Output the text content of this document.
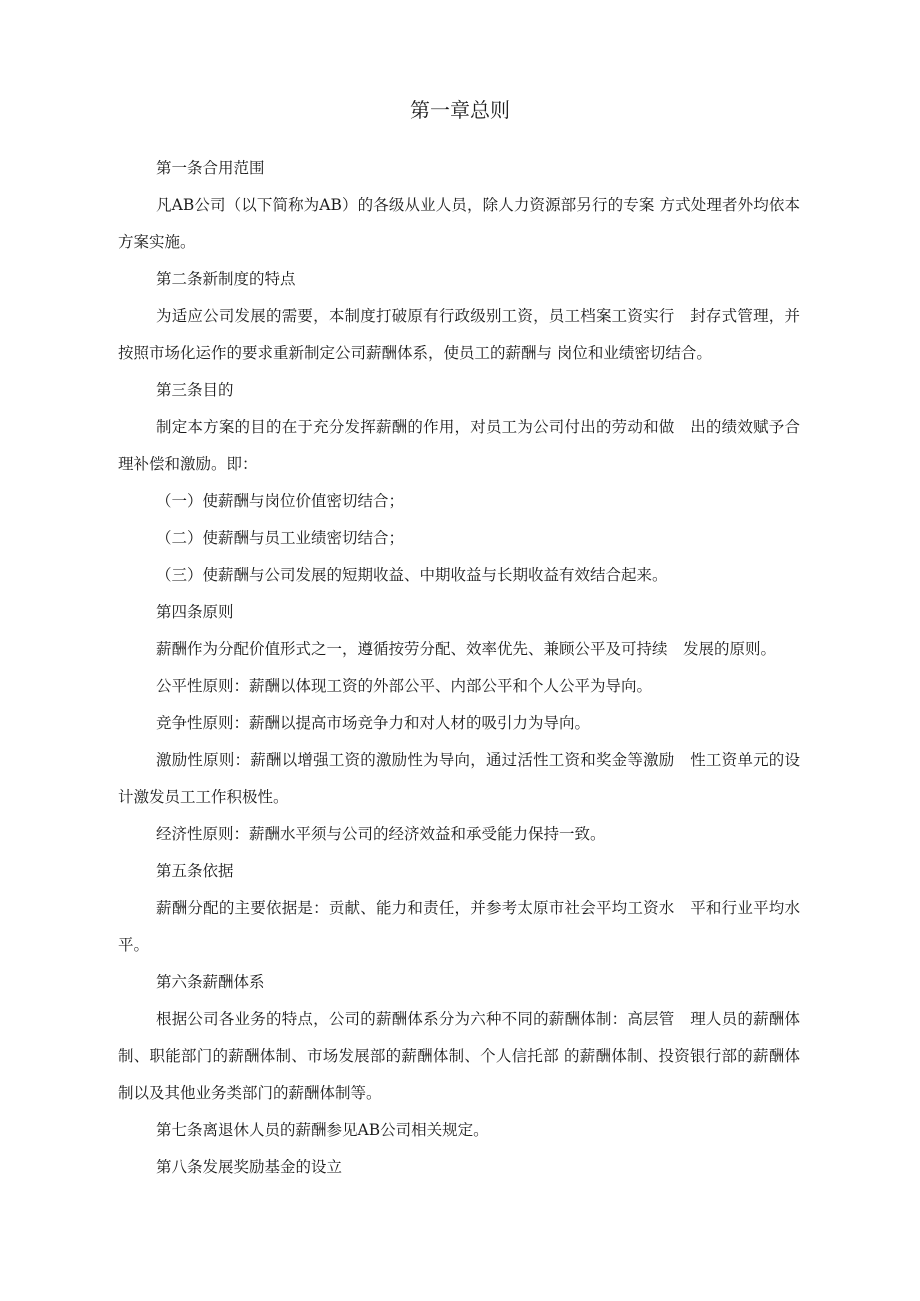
第一章总则

第一条合用范围

凡AB公司（以下简称为AB）的各级从业人员，除人力资源部另行的专案 方式处理者外均依本方案实施。

第二条新制度的特点

为适应公司发展的需要，本制度打破原有行政级别工资，员工档案工资实行　封存式管理，并按照市场化运作的要求重新制定公司薪酬体系，使员工的薪酬与 岗位和业绩密切结合。

第三条目的

制定本方案的目的在于充分发挥薪酬的作用，对员工为公司付出的劳动和做　出的绩效赋予合理补偿和激励。即：

（一）使薪酬与岗位价值密切结合；

（二）使薪酬与员工业绩密切结合；

（三）使薪酬与公司发展的短期收益、中期收益与长期收益有效结合起来。

第四条原则

薪酬作为分配价值形式之一，遵循按劳分配、效率优先、兼顾公平及可持续　发展的原则。

公平性原则：薪酬以体现工资的外部公平、内部公平和个人公平为导向。

竞争性原则：薪酬以提高市场竞争力和对人材的吸引力为导向。

激励性原则：薪酬以增强工资的激励性为导向，通过活性工资和奖金等激励　性工资单元的设计激发员工工作积极性。

经济性原则：薪酬水平须与公司的经济效益和承受能力保持一致。

第五条依据

薪酬分配的主要依据是：贡献、能力和责任，并参考太原市社会平均工资水　平和行业平均水平。

第六条薪酬体系

根据公司各业务的特点，公司的薪酬体系分为六种不同的薪酬体制：高层管　理人员的薪酬体制、职能部门的薪酬体制、市场发展部的薪酬体制、个人信托部 的薪酬体制、投资银行部的薪酬体制以及其他业务类部门的薪酬体制等。

第七条离退休人员的薪酬参见AB公司相关规定。

第八条发展奖励基金的设立
